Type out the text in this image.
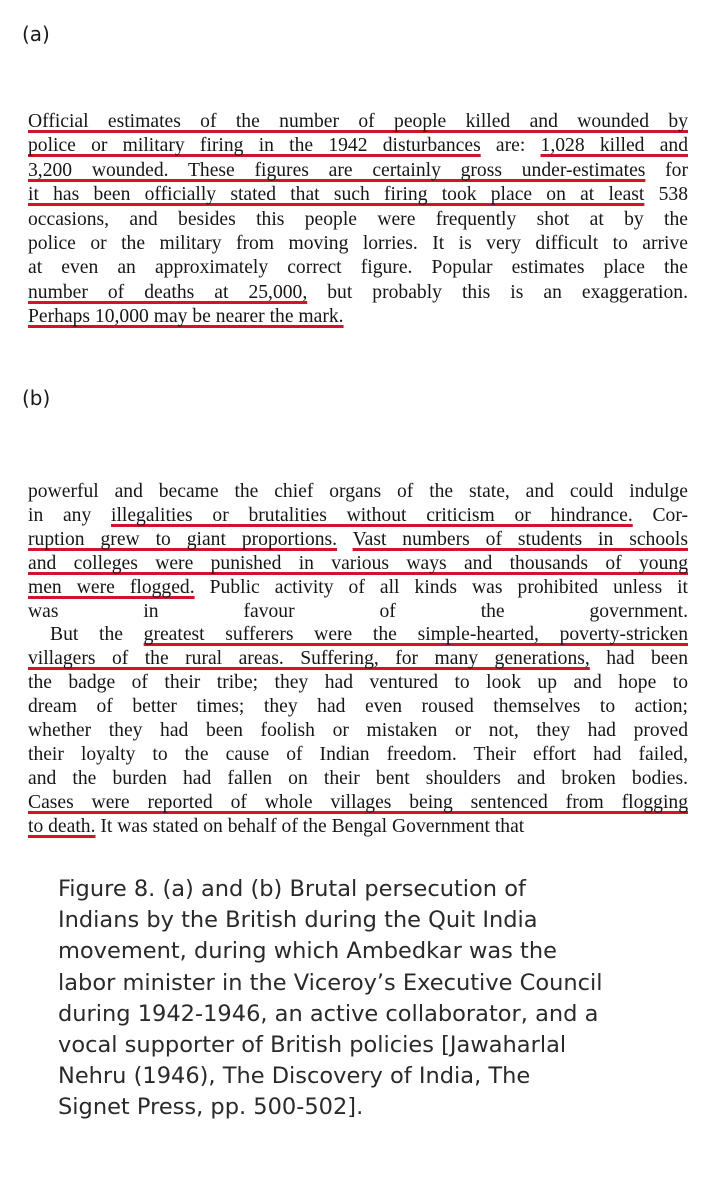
(a)
Official estimates of the number of people killed and wounded by
police or military firing in the 1942 disturbances are: 1,028 killed and
3,200 wounded. These figures are certainly gross under-estimates for
it has been officially stated that such firing took place on at least 538
occasions, and besides this people were frequently shot at by the
police or the military from moving lorries. It is very difficult to arrive
at even an approximately correct figure. Popular estimates place the
number of deaths at 25,000, but probably this is an exaggeration.
Perhaps 10,000 may be nearer the mark.
(b)
powerful and became the chief organs of the state, and could indulge
in any illegalities or brutalities without criticism or hindrance. Cor-
ruption grew to giant proportions. Vast numbers of students in schools
and colleges were punished in various ways and thousands of young
men were flogged. Public activity of all kinds was prohibited unless it
was in favour of the government.
But the greatest sufferers were the simple-hearted, poverty-stricken
villagers of the rural areas. Suffering, for many generations, had been
the badge of their tribe; they had ventured to look up and hope to
dream of better times; they had even roused themselves to action;
whether they had been foolish or mistaken or not, they had proved
their loyalty to the cause of Indian freedom. Their effort had failed,
and the burden had fallen on their bent shoulders and broken bodies.
Cases were reported of whole villages being sentenced from flogging
to death. It was stated on behalf of the Bengal Government that
Figure 8. (a) and (b) Brutal persecution of
Indians by the British during the Quit India
movement, during which Ambedkar was the
labor minister in the Viceroy’s Executive Council
during 1942-1946, an active collaborator, and a
vocal supporter of British policies [Jawaharlal
Nehru (1946), The Discovery of India, The
Signet Press, pp. 500-502].
